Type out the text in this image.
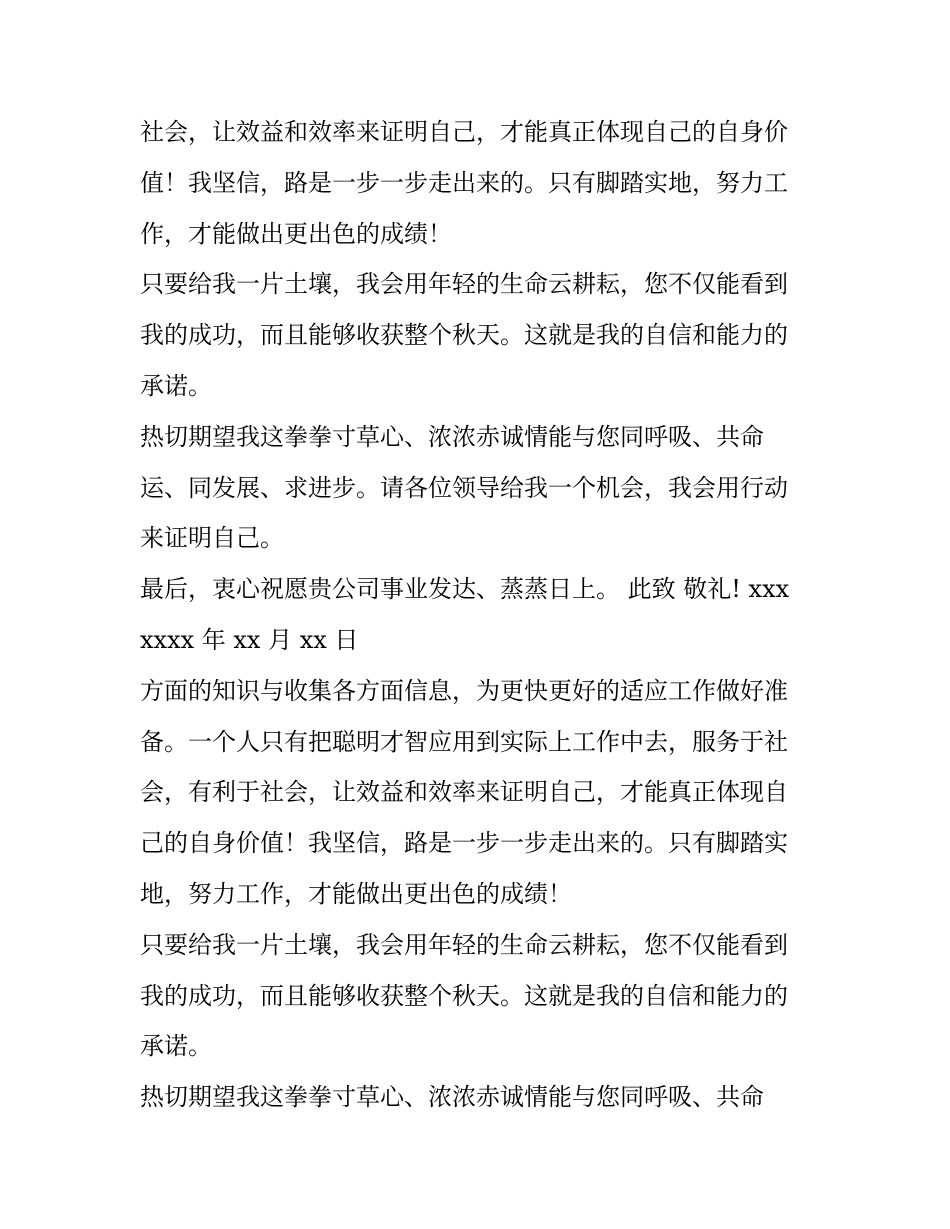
社会，让效益和效率来证明自己，才能真正体现自己的自身价
值！我坚信，路是一步一步走出来的。只有脚踏实地，努力工
作，才能做出更出色的成绩！
只要给我一片土壤，我会用年轻的生命云耕耘，您不仅能看到
我的成功，而且能够收获整个秋天。这就是我的自信和能力的
承诺。
热切期望我这拳拳寸草心、浓浓赤诚情能与您同呼吸、共命
运、同发展、求进步。请各位领导给我一个机会，我会用行动
来证明自己。
最后，衷心祝愿贵公司事业发达、蒸蒸日上。 此致 敬礼! xxx
xxxx 年 xx 月 xx 日
方面的知识与收集各方面信息，为更快更好的适应工作做好准
备。一个人只有把聪明才智应用到实际上工作中去，服务于社
会，有利于社会，让效益和效率来证明自己，才能真正体现自
己的自身价值！我坚信，路是一步一步走出来的。只有脚踏实
地，努力工作，才能做出更出色的成绩！
只要给我一片土壤，我会用年轻的生命云耕耘，您不仅能看到
我的成功，而且能够收获整个秋天。这就是我的自信和能力的
承诺。
热切期望我这拳拳寸草心、浓浓赤诚情能与您同呼吸、共命
